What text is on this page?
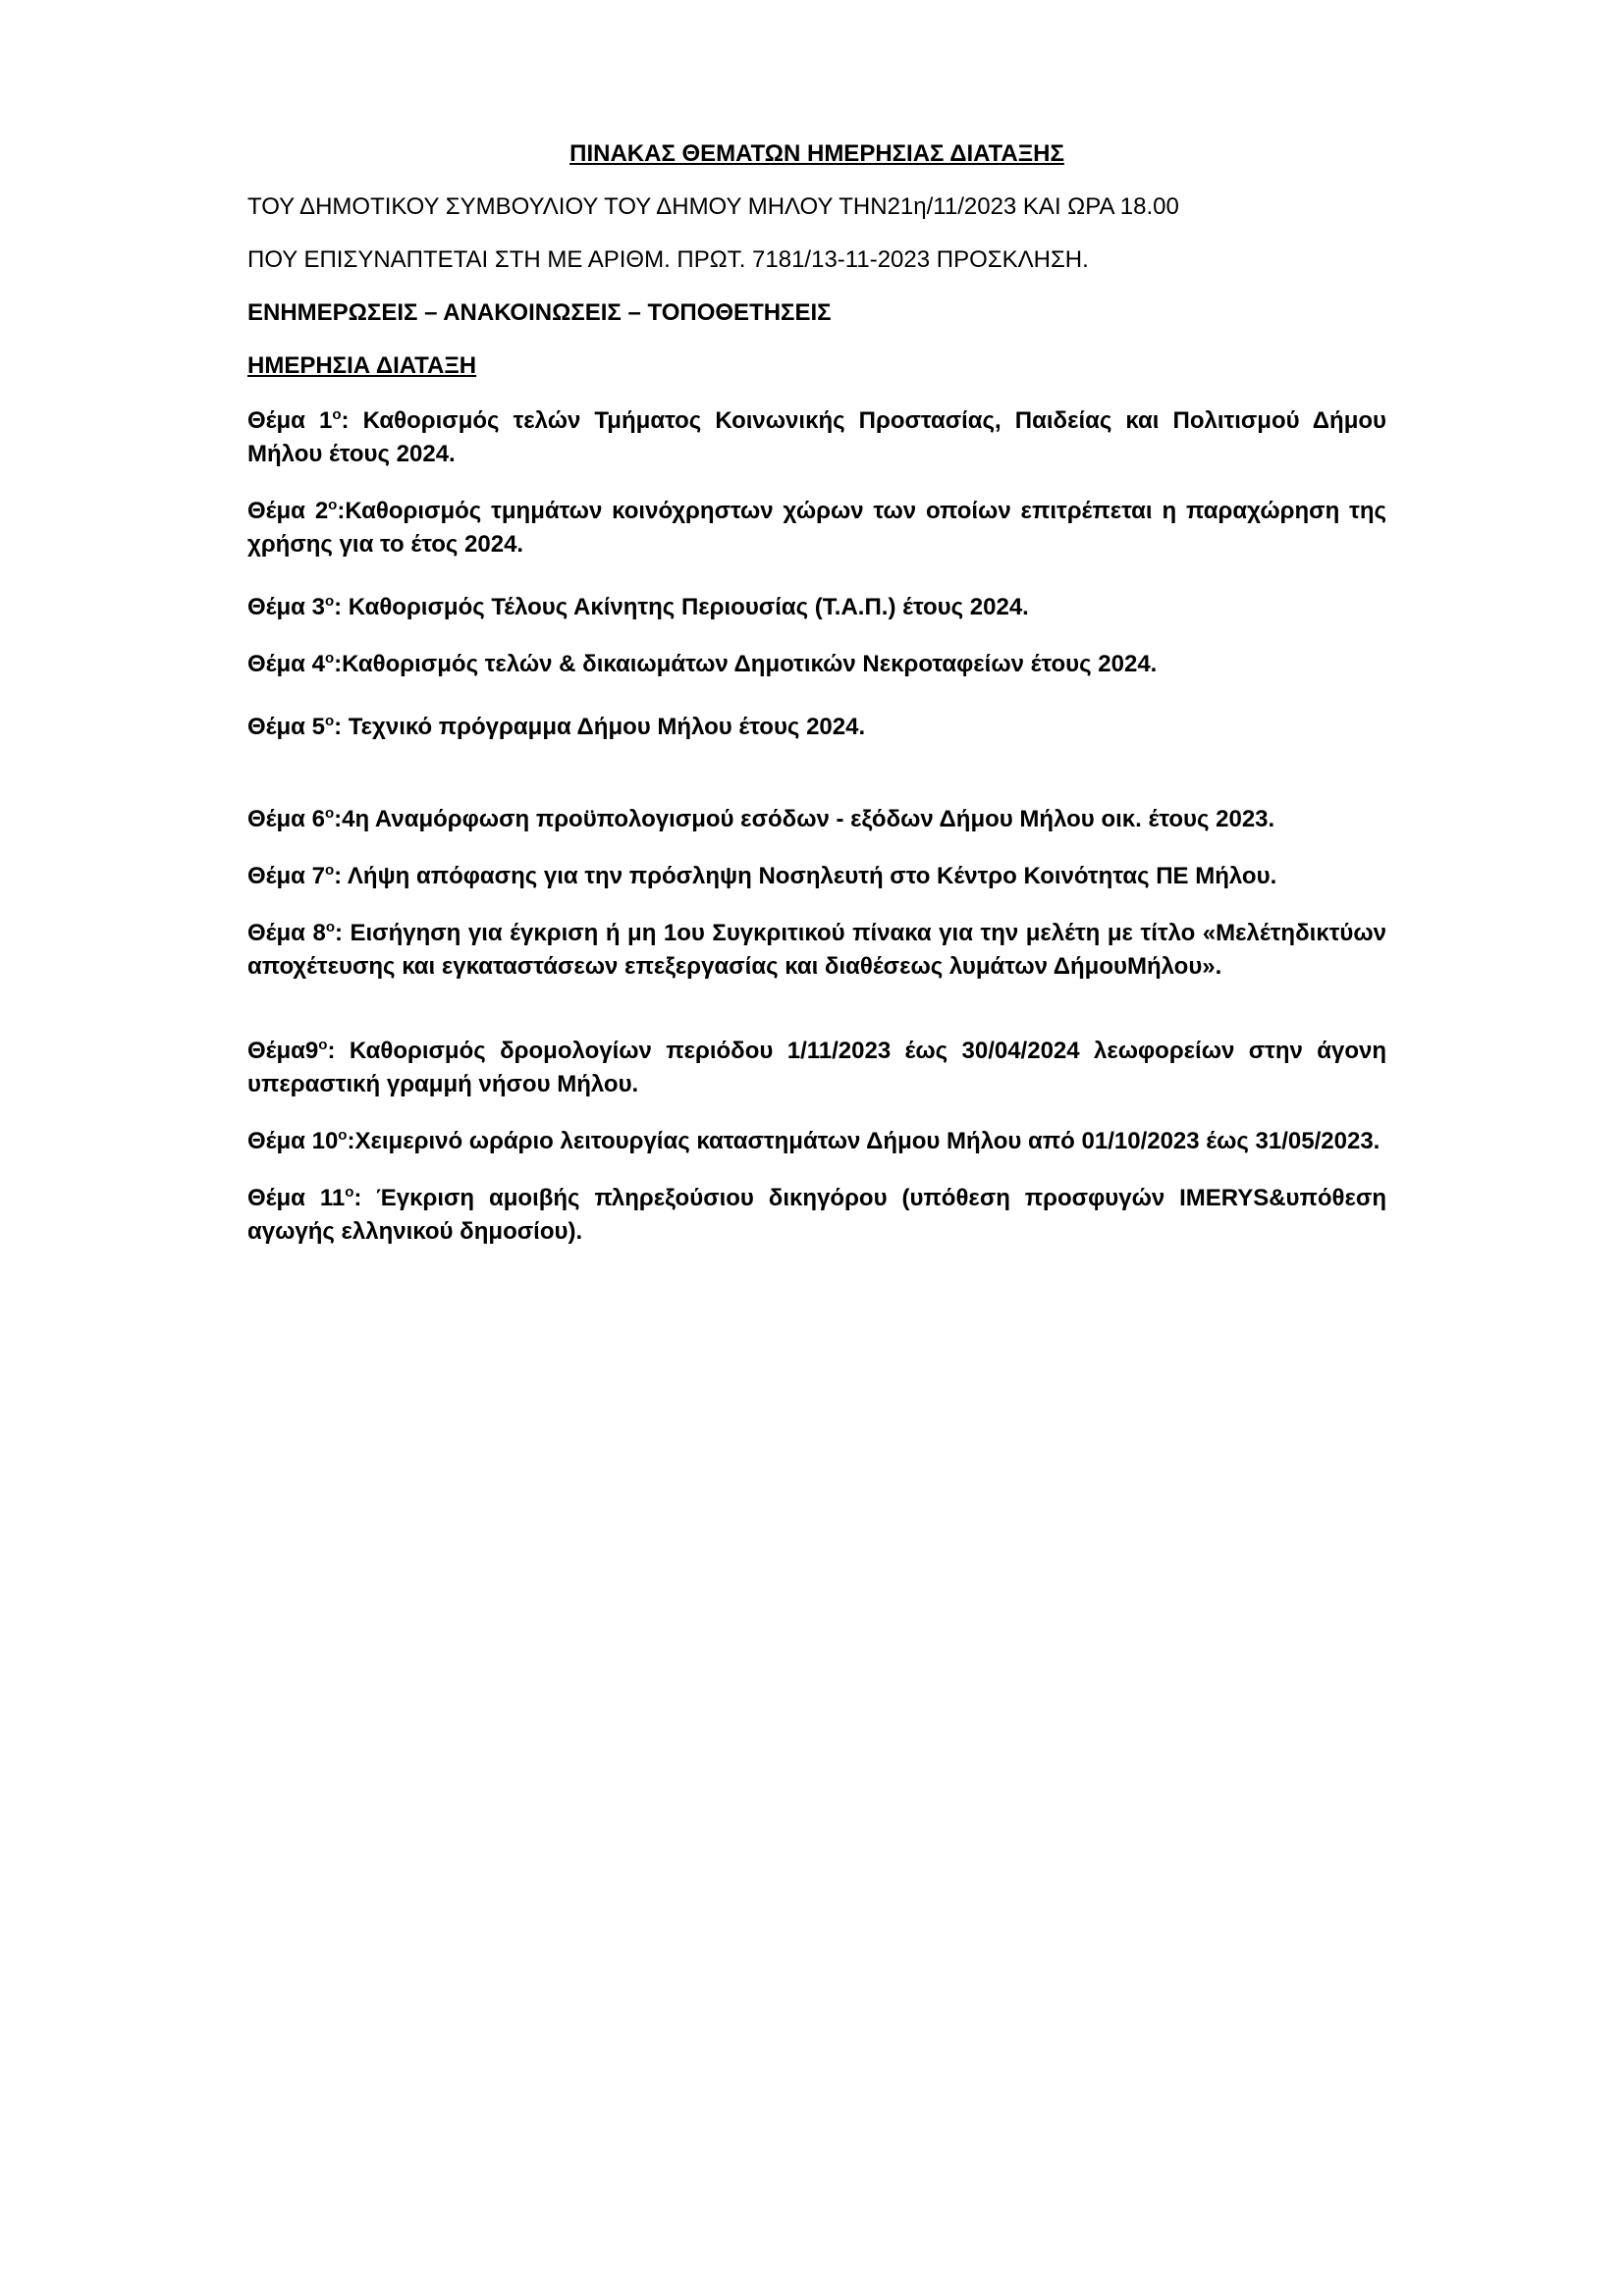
ΠΙΝΑΚΑΣ ΘΕΜΑΤΩΝ ΗΜΕΡΗΣΙΑΣ ΔΙΑΤΑΞΗΣ
ΤΟΥ ΔΗΜΟΤΙΚΟΥ ΣΥΜΒΟΥΛΙΟΥ ΤΟΥ ΔΗΜΟΥ ΜΗΛΟΥ ΤΗΝ21η/11/2023 ΚΑΙ ΩΡΑ 18.00
ΠΟΥ ΕΠΙΣΥΝΑΠΤΕΤΑΙ ΣΤΗ ΜΕ ΑΡΙΘΜ. ΠΡΩΤ. 7181/13-11-2023 ΠΡΟΣΚΛΗΣΗ.
ΕΝΗΜΕΡΩΣΕΙΣ – ΑΝΑΚΟΙΝΩΣΕΙΣ – ΤΟΠΟΘΕΤΗΣΕΙΣ
ΗΜΕΡΗΣΙΑ ΔΙΑΤΑΞΗ
Θέμα $1^o$: Καθορισμός τελών Τμήματος Κοινωνικής Προστασίας, Παιδείας και Πολιτισμού Δήμου Μήλου έτους 2024.
Θέμα $2^o:K\alpha\theta o\rho\iota\sigma\mu ό\varsigma$ τμημάτων κοινόχρηστων χώρων των οποίων επιτρέπεται η παραχώρηση της χρήσης για το έτος 2024.
Θέμα $3^o$: Καθορισμός Τέλους Ακίνητης Περιουσίας (Τ.Α.Π.) έτους 2024.
Θέμα $4^o:K\alpha\theta o\rho\iota\sigma\mu ό\varsigma$ τελών & δικαιωμάτων Δημοτικών Νεκροταφείων έτους 2024.
Θέμα $5^o$: Τεχνικό πρόγραμμα Δήμου Μήλου έτους 2024.
Θέμα $6^o:4\eta$ Αναμόρφωση προϋπολογισμού εσόδων - εξόδων Δήμου Μήλου οικ. έτους 2023.
Θέμα $7^o$: Λήψη απόφασης για την πρόσληψη Νοσηλευτή στο Κέντρο Κοινότητας ΠΕ Μήλου.
Θέμα $8^o$: Εισήγηση για έγκριση ή μη 1ου Συγκριτικού πίνακα για την μελέτη με τίτλο «Μελέτηδικτύων αποχέτευσης και εγκαταστάσεων επεξεργασίας και διαθέσεως λυμάτων ΔήμουΜήλου».
$\Theta έ\mu\alpha 9^o$: Καθορισμός δρομολογίων περιόδου 1/11/2023 έως 30/04/2024 λεωφορείων στην άγονη υπεραστική γραμμή νήσου Μήλου.
Θέμα $10^o:X\varepsilon\iota\mu\varepsilon\rho\iota\nu ό$ ωράριο λειτουργίας καταστημάτων Δήμου Μήλου από 01/10/2023 έως 31/05/2023.
Θέμα $11^o$: Έγκριση αμοιβής πληρεξούσιου δικηγόρου (υπόθεση προσφυγών IMERYS&υπόθεση αγωγής ελληνικού δημοσίου).
